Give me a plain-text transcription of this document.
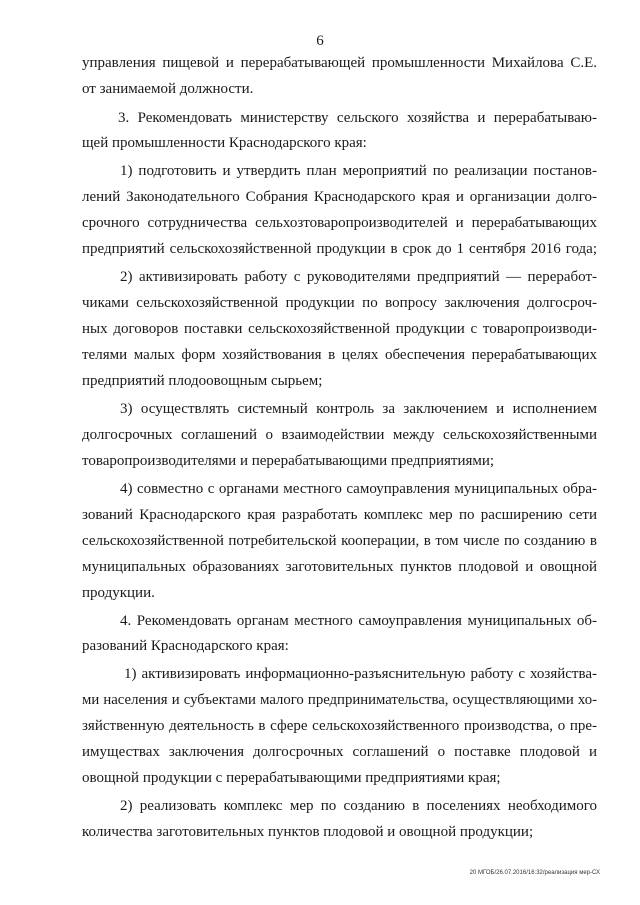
6
управления пищевой и перерабатывающей промышленности Михайлова С.Е.
от занимаемой должности.
3. Рекомендовать министерству сельского хозяйства и перерабатываю-
щей промышленности Краснодарского края:
1) подготовить и утвердить план мероприятий по реализации постанов-
лений Законодательного Собрания Краснодарского края и организации долго-
срочного сотрудничества сельхозтоваропроизводителей и перерабатывающих
предприятий сельскохозяйственной продукции в срок до 1 сентября 2016 года;
2) активизировать работу с руководителями предприятий — переработ-
чиками сельскохозяйственной продукции по вопросу заключения долгосроч-
ных договоров поставки сельскохозяйственной продукции с товаропроизводи-
телями малых форм хозяйствования в целях обеспечения перерабатывающих
предприятий плодоовощным сырьем;
3) осуществлять системный контроль за заключением и исполнением
долгосрочных соглашений о взаимодействии между сельскохозяйственными
товаропроизводителями и перерабатывающими предприятиями;
4) совместно с органами местного самоуправления муниципальных обра-
зований Краснодарского края разработать комплекс мер по расширению сети
сельскохозяйственной потребительской кооперации, в том числе по созданию в
муниципальных образованиях заготовительных пунктов плодовой и овощной
продукции.
4. Рекомендовать органам местного самоуправления муниципальных об-
разований Краснодарского края:
1) активизировать информационно-разъяснительную работу с хозяйства-
ми населения и субъектами малого предпринимательства, осуществляющими хо-
зяйственную деятельность в сфере сельскохозяйственного производства, о пре-
имуществах заключения долгосрочных соглашений о поставке плодовой и
овощной продукции с перерабатывающими предприятиями края;
2) реализовать комплекс мер по созданию в поселениях необходимого
количества заготовительных пунктов плодовой и овощной продукции;
20 МГОБ/26.07.2016/16:32/реализация мер-СХ
